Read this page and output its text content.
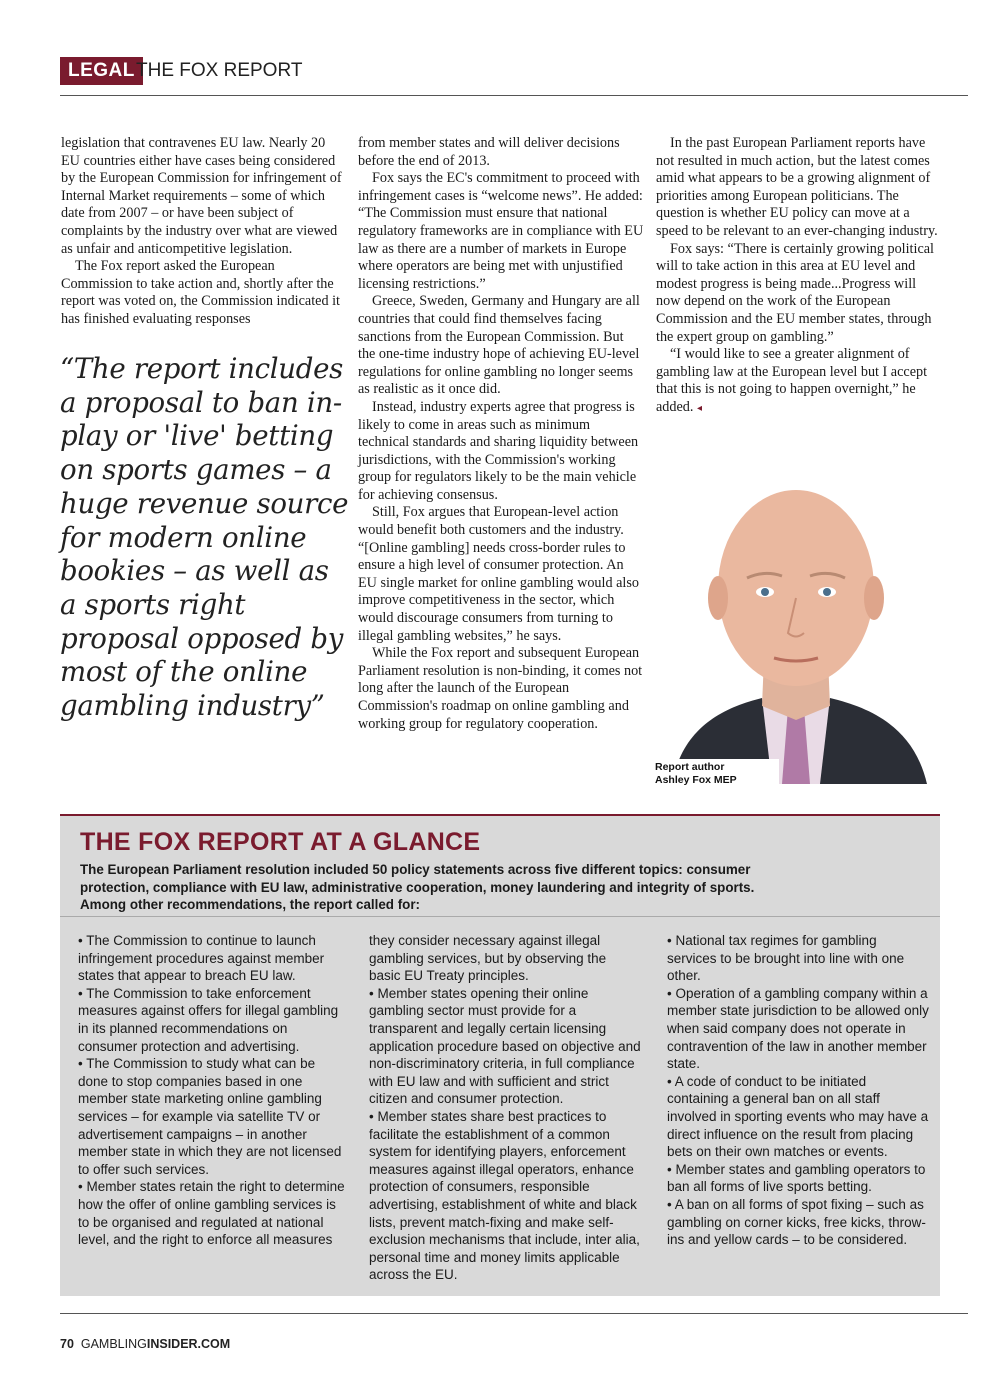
LEGAL THE FOX REPORT

legislation that contravenes EU law. Nearly 20 EU countries either have cases being considered by the European Commission for infringement of Internal Market requirements – some of which date from 2007 – or have been subject of complaints by the industry over what are viewed as unfair and anticompetitive legislation.

The Fox report asked the European Commission to take action and, shortly after the report was voted on, the Commission indicated it has finished evaluating responses

“The report includes a proposal to ban in-play or 'live' betting on sports games – a huge revenue source for modern online bookies – as well as a sports right proposal opposed by most of the online gambling industry”

from member states and will deliver decisions before the end of 2013.

Fox says the EC's commitment to proceed with infringement cases is “welcome news”. He added: “The Commission must ensure that national regulatory frameworks are in compliance with EU law as there are a number of markets in Europe where operators are being met with unjustified licensing restrictions.”

Greece, Sweden, Germany and Hungary are all countries that could find themselves facing sanctions from the European Commission. But the one-time industry hope of achieving EU-level regulations for online gambling no longer seems as realistic as it once did.

Instead, industry experts agree that progress is likely to come in areas such as minimum technical standards and sharing liquidity between jurisdictions, with the Commission's working group for regulators likely to be the main vehicle for achieving consensus.

Still, Fox argues that European-level action would benefit both customers and the industry. “[Online gambling] needs cross-border rules to ensure a high level of consumer protection. An EU single market for online gambling would also improve competitiveness in the sector, which would discourage consumers from turning to illegal gambling websites,” he says.

While the Fox report and subsequent European Parliament resolution is non-binding, it comes not long after the launch of the European Commission's roadmap on online gambling and working group for regulatory cooperation.

In the past European Parliament reports have not resulted in much action, but the latest comes amid what appears to be a growing alignment of priorities among European politicians. The question is whether EU policy can move at a speed to be relevant to an ever-changing industry.

Fox says: “There is certainly growing political will to take action in this area at EU level and modest progress is being made...Progress will now depend on the work of the European Commission and the EU member states, through the expert group on gambling.”

“I would like to see a greater alignment of gambling law at the European level but I accept that this is not going to happen overnight,” he added. ◂

Report author
Ashley Fox MEP
THE FOX REPORT AT A GLANCE
The European Parliament resolution included 50 policy statements across five different topics: consumer protection, compliance with EU law, administrative cooperation, money laundering and integrity of sports. Among other recommendations, the report called for:

• The Commission to continue to launch infringement procedures against member states that appear to breach EU law.

• The Commission to take enforcement measures against offers for illegal gambling in its planned recommendations on consumer protection and advertising.

• The Commission to study what can be done to stop companies based in one member state marketing online gambling services – for example via satellite TV or advertisement campaigns – in another member state in which they are not licensed to offer such services.

• Member states retain the right to determine how the offer of online gambling services is to be organised and regulated at national level, and the right to enforce all measures

they consider necessary against illegal gambling services, but by observing the basic EU Treaty principles.

• Member states opening their online gambling sector must provide for a transparent and legally certain licensing application procedure based on objective and non-discriminatory criteria, in full compliance with EU law and with sufficient and strict citizen and consumer protection.

• Member states share best practices to facilitate the establishment of a common system for identifying players, enforcement measures against illegal operators, enhance protection of consumers, responsible advertising, establishment of white and black lists, prevent match-fixing and make self-exclusion mechanisms that include, inter alia, personal time and money limits applicable across the EU.

• National tax regimes for gambling services to be brought into line with one other.

• Operation of a gambling company within a member state jurisdiction to be allowed only when said company does not operate in contravention of the law in another member state.

• A code of conduct to be initiated containing a general ban on all staff involved in sporting events who may have a direct influence on the result from placing bets on their own matches or events.

• Member states and gambling operators to ban all forms of live sports betting.

• A ban on all forms of spot fixing – such as gambling on corner kicks, free kicks, throw-ins and yellow cards – to be considered.

70 GAMBLINGINSIDER.COM
